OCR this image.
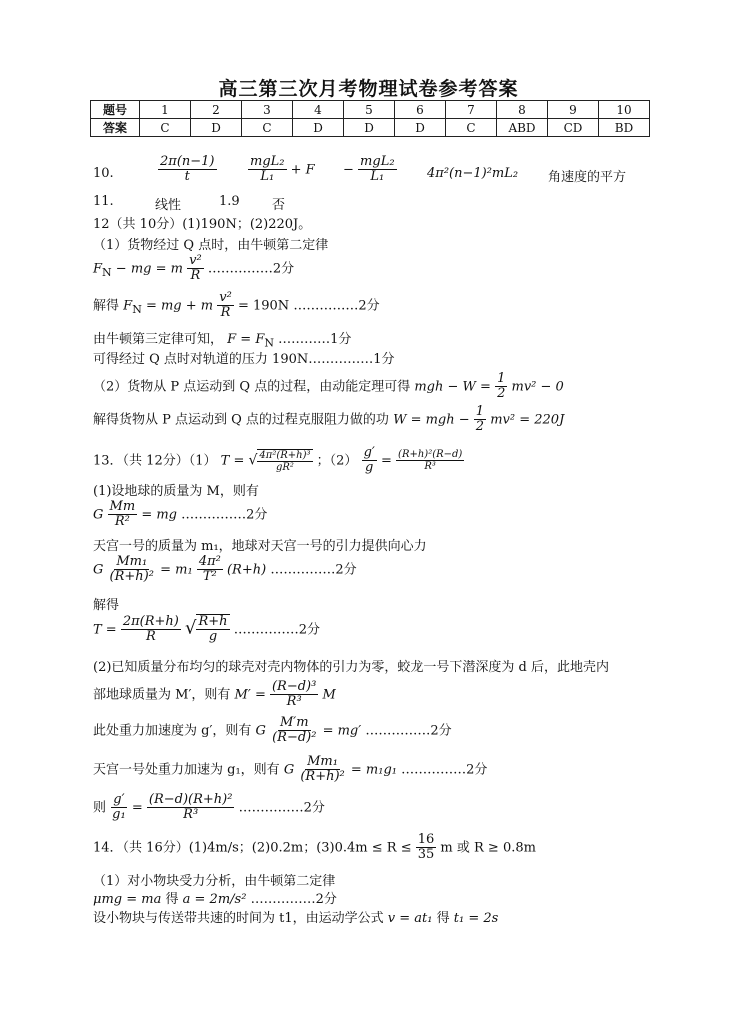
高三第三次月考物理试卷参考答案
题号	1	2	3	4	5	6	7	8	9	10
答案	C	D	C	D	D	D	C	ABD	CD	BD
10.	$\frac{2\pi(n-1)}{t} \frac{\text{mgL₂}}{\text{L₁}} + F - \frac{\text{mgL₂}}{\text{L₁}} 4\pi^2(n-1)^2mL_2$ 角速度的平方
11.	线性	1.9 否
12（共 10分）(1)190N；(2)220J。
（1）货物经过 Q 点时，由牛顿第二定律
$F_N$ − mg = m $\frac{\text{v²}}{R}$ ……………2分
解得 $F_N$ = mg + m $\frac{\text{v²}}{R} = 190N$ ……………2分
由牛顿第三定律可知， $F = F_N$ …………1分
可得经过 Q 点时对轨道的压力 190N……………1分
（2）货物从 P 点运动到 Q 点的过程，由动能定理可得 mgh − $W = \frac{1}{2} mv^2 - 0$
解得货物从 P 点运动到 Q 点的过程克服阻力做的功 W = mgh − $\frac{1}{2} mv^2 = 220J$
13．（共 12分）（1） T = √ $\frac{\text{4π²(R+h)³}}{\text{gR²}}$ ；$(2) \frac{g'}{g} = \frac{\text{(R+h)²(R−d)}}{\text{R³}}$
(1)设地球的质量为 M，则有
G $\frac{Mm}{\text{R²}}$ = mg ……………2分
天宫一号的质量为 m₁，地球对天宫一号的引力提供向心力
G $\frac{\text{Mm₁}}{\text{(R+h)²}} = m_1 \frac{\text{4π²}}{\text{T²}} (R+h)$ ……………2分
解得
$T = \frac{2\pi(R+h)}{R}$ √ $\frac{R+h}{g}$ ……………2分
(2)已知质量分布均匀的球壳对壳内物体的引力为零，蛟龙一号下潜深度为 d 后，此地壳内
部地球质量为 M′，则有 $M' = \frac{\text{(R−d)³}}{\text{R³}}$ M
此处重力加速度为 g′，则有 G $\frac{M'm}{\text{(R−d)²}} = mg'$ ……………2分
天宫一号处重力加速为 g₁，则有 G $\frac{\text{Mm₁}}{\text{(R+h)²}} = m_1g_1$ ……………2分
则 $\frac{g'}{\text{g₁}} = \frac{\text{(R−d)(R+h)²}}{\text{R³}}$ ……………2分
14．（共 16分）(1)4m/s；(2)0.2m；$(3)0.4m \le R \le \frac{16}{35}$ m 或 R ≥ 0.8m
（1）对小物块受力分析，由牛顿第二定律
μmg = ma 得 a = 2m/s² ……………2分
设小物块与传送带共速的时间为 t1，由运动学公式 v = at₁ 得 t₁ = 2s
